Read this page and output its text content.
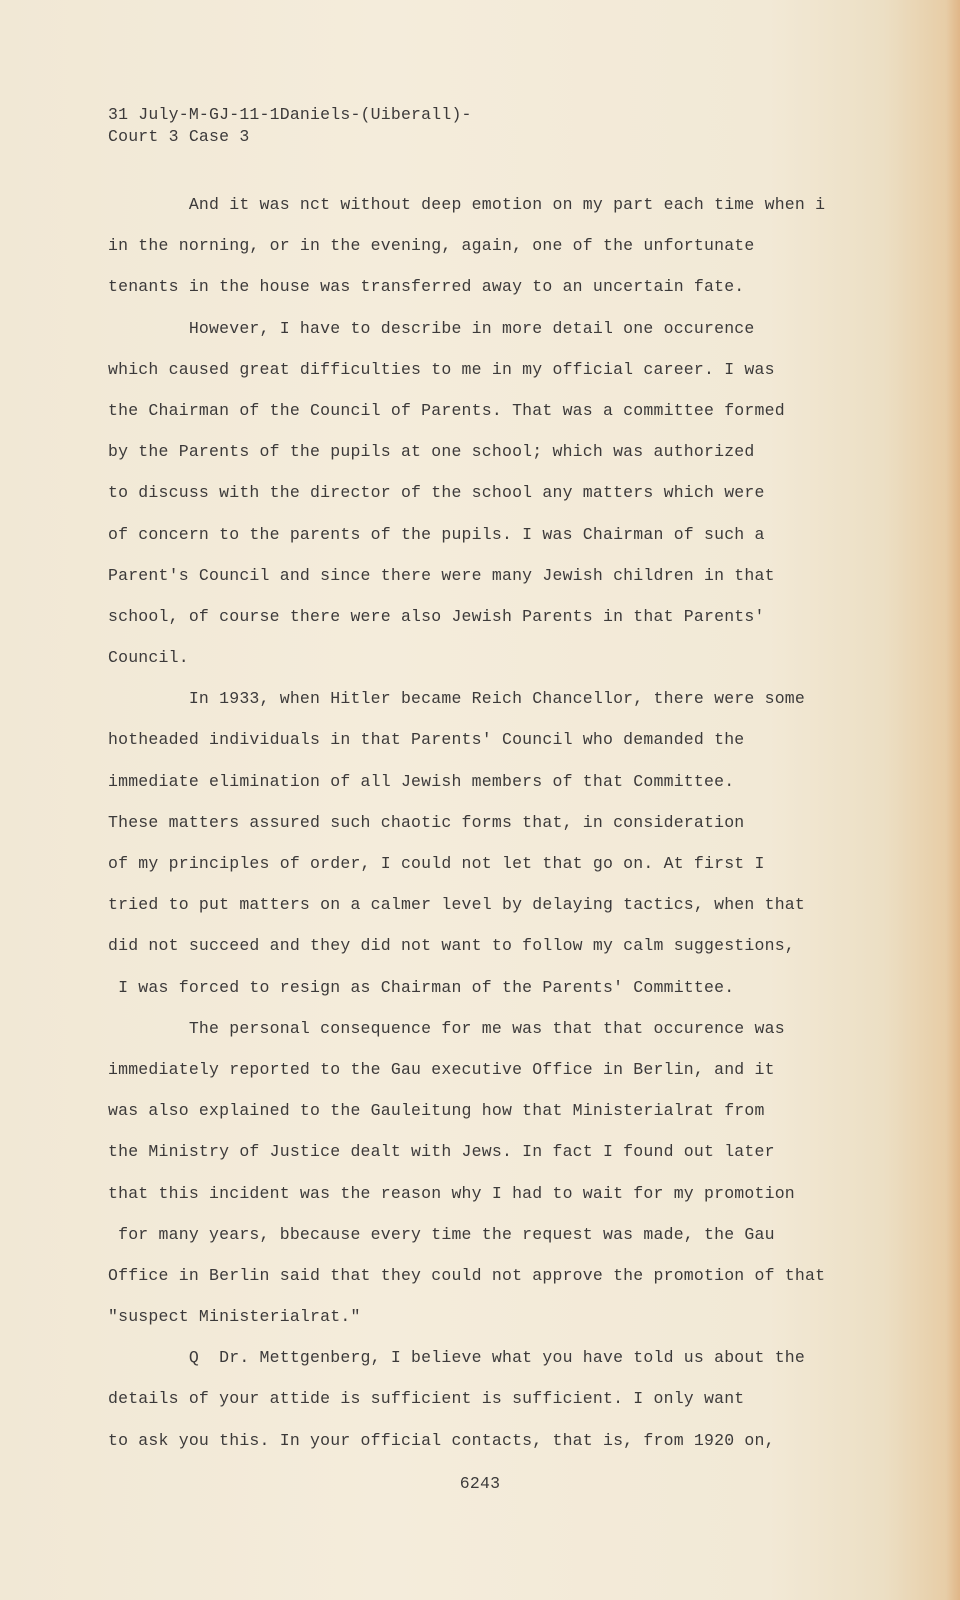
31 July-M-GJ-11-1Daniels-(Uiberall)-
Court 3 Case 3
And it was nct without deep emotion on my part each time when i
in the norning, or in the evening, again, one of the unfortunate
tenants in the house was transferred away to an uncertain fate.
However, I have to describe in more detail one occurence
which caused great difficulties to me in my official career. I was
the Chairman of the Council of Parents. That was a committee formed
by the Parents of the pupils at one school; which was authorized
to discuss with the director of the school any matters which were
of concern to the parents of the pupils. I was Chairman of such a
Parent's Council and since there were many Jewish children in that
school, of course there were also Jewish Parents in that Parents'
Council.
In 1933, when Hitler became Reich Chancellor, there were some
hotheaded individuals in that Parents' Council who demanded the
immediate elimination of all Jewish members of that Committee.
These matters assured such chaotic forms that, in consideration
of my principles of order, I could not let that go on. At first I
tried to put matters on a calmer level by delaying tactics, when that
did not succeed and they did not want to follow my calm suggestions,
I was forced to resign as Chairman of the Parents' Committee.
The personal consequence for me was that that occurence was
immediately reported to the Gau executive Office in Berlin, and it
was also explained to the Gauleitung how that Ministerialrat from
the Ministry of Justice dealt with Jews. In fact I found out later
that this incident was the reason why I had to wait for my promotion
for many years, bbecause every time the request was made, the Gau
Office in Berlin said that they could not approve the promotion of that
"suspect Ministerialrat."
Q  Dr. Mettgenberg, I believe what you have told us about the
details of your attide is sufficient is sufficient. I only want
to ask you this. In your official contacts, that is, from 1920 on,
6243
